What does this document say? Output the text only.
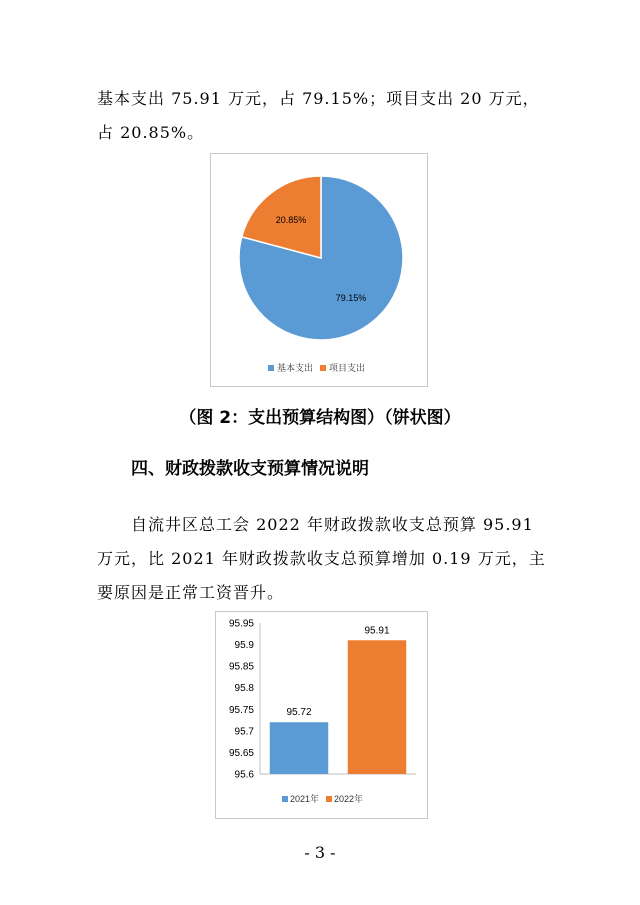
基本支出 75.91 万元，占 79.15%；项目支出 20 万元，占 20.85%。

79.15%
20.85%
基本支出 项目支出
（图 2：支出预算结构图）（饼状图）
四、财政拨款收支预算情况说明

自流井区总工会 2022 年财政拨款收支总预算 95.91 万元，比 2021 年财政拨款收支总预算增加 0.19 万元，主要原因是正常工资晋升。

95.6
95.65
95.7
95.75
95.8
95.85
95.9
95.95
95.72
95.91
2021年 2022年
- 3 -
